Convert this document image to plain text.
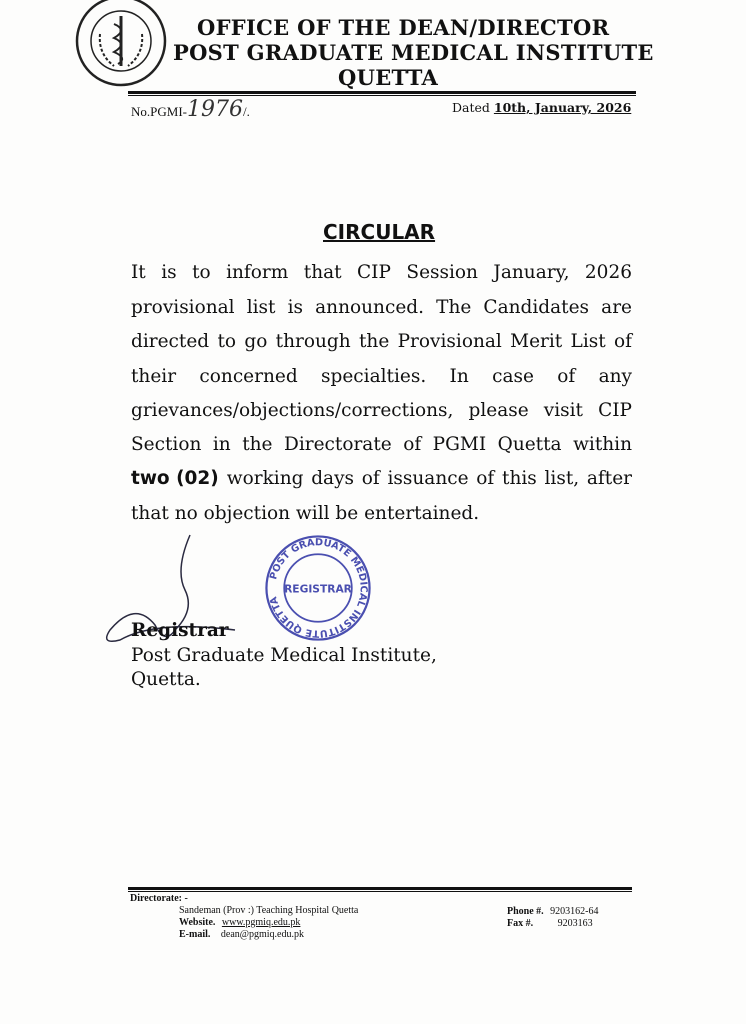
OFFICE OF THE DEAN/DIRECTOR
POST GRADUATE MEDICAL INSTITUTE
QUETTA
No.PGMI-1976/.	Dated 10th, January, 2026
CIRCULAR
It is to inform that CIP Session January, 2026
provisional list is announced. The Candidates are
directed to go through the Provisional Merit List of
their concerned specialties. In case of any
grievances/objections/corrections, please visit CIP
Section in the Directorate of PGMI Quetta within
two (02) working days of issuance of this list, after
that no objection will be entertained.
POST GRADUATE MEDICAL INSTITUTE QUETTA
REGISTRAR
Registrar
Post Graduate Medical Institute,
Quetta.
Directorate: -
Sandeman (Prov :) Teaching Hospital Quetta
Website. www.pgmiq.edu.pk
E-mail. dean@pgmiq.edu.pk
Phone #. 9203162-64
Fax #. 9203163
